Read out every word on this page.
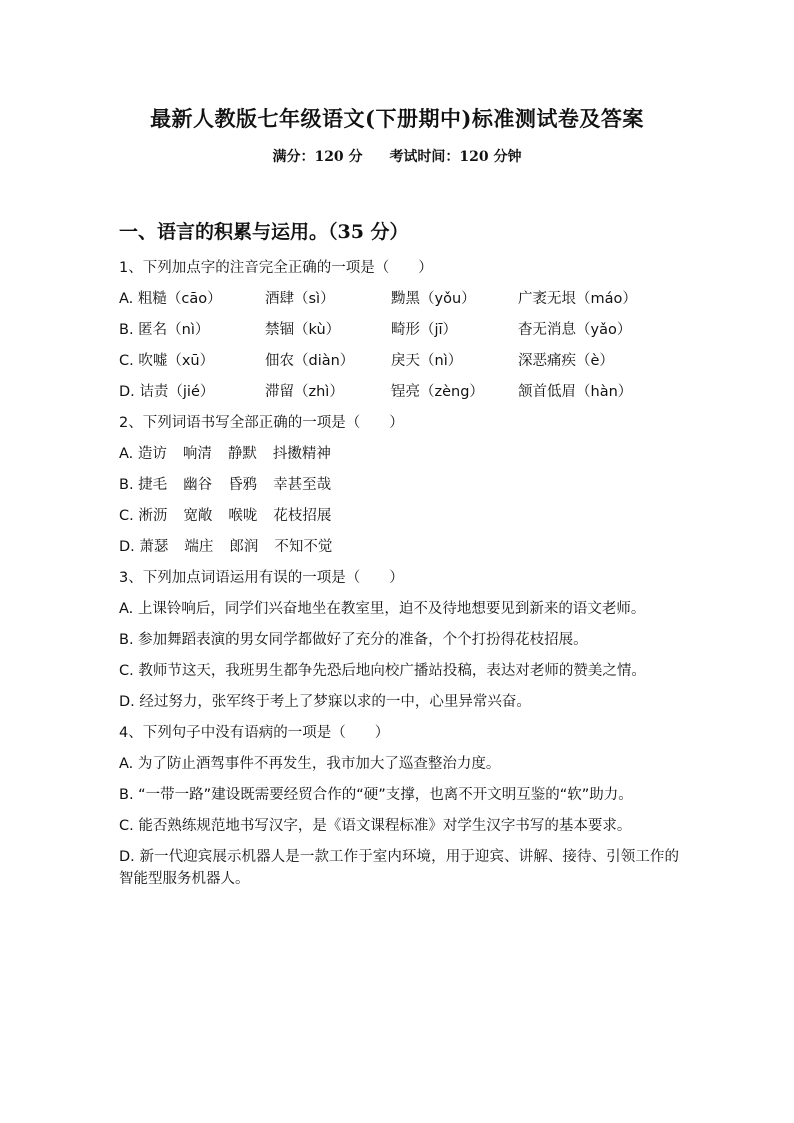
最新人教版七年级语文(下册期中)标准测试卷及答案
满分：120 分 考试时间：120 分钟
一、语言的积累与运用。（35 分）
1、下列加点字的注音完全正确的一项是（　　）
A. 粗糙（cāo）	酒肆（sì）	黝黑（yǒu）	广袤无垠（máo）
B. 匿名（nì）	禁锢（kù）	畸形（jī）	杳无消息（yǎo）
C. 吹嘘（xū）	佃农（diàn）	戾天（nì）	深恶痛疾（è）
D. 诘责（jié）	滞留（zhì）	锃亮（zèng）	颔首低眉（hàn）
2、下列词语书写全部正确的一项是（　　）
A. 造访 响清 静默 抖擞精神
B. 捷毛 幽谷 昏鸦 幸甚至哉
C. 淅沥 宽敞 喉咙 花枝招展
D. 萧瑟 端庄 郎润 不知不觉
3、下列加点词语运用有误的一项是（　　）
A. 上课铃响后，同学们兴奋地坐在教室里，迫不及待地想要见到新来的语文老师。
B. 参加舞蹈表演的男女同学都做好了充分的准备，个个打扮得花枝招展。
C. 教师节这天，我班男生都争先恐后地向校广播站投稿，表达对老师的赞美之情。
D. 经过努力，张军终于考上了梦寐以求的一中，心里异常兴奋。
4、下列句子中没有语病的一项是（　　）
A. 为了防止酒驾事件不再发生，我市加大了巡查整治力度。
B. “一带一路”建设既需要经贸合作的“硬”支撑，也离不开文明互鉴的“软”助力。
C. 能否熟练规范地书写汉字，是《语文课程标准》对学生汉字书写的基本要求。
D. 新一代迎宾展示机器人是一款工作于室内环境，用于迎宾、讲解、接待、引领工作的智能型服务机器人。
